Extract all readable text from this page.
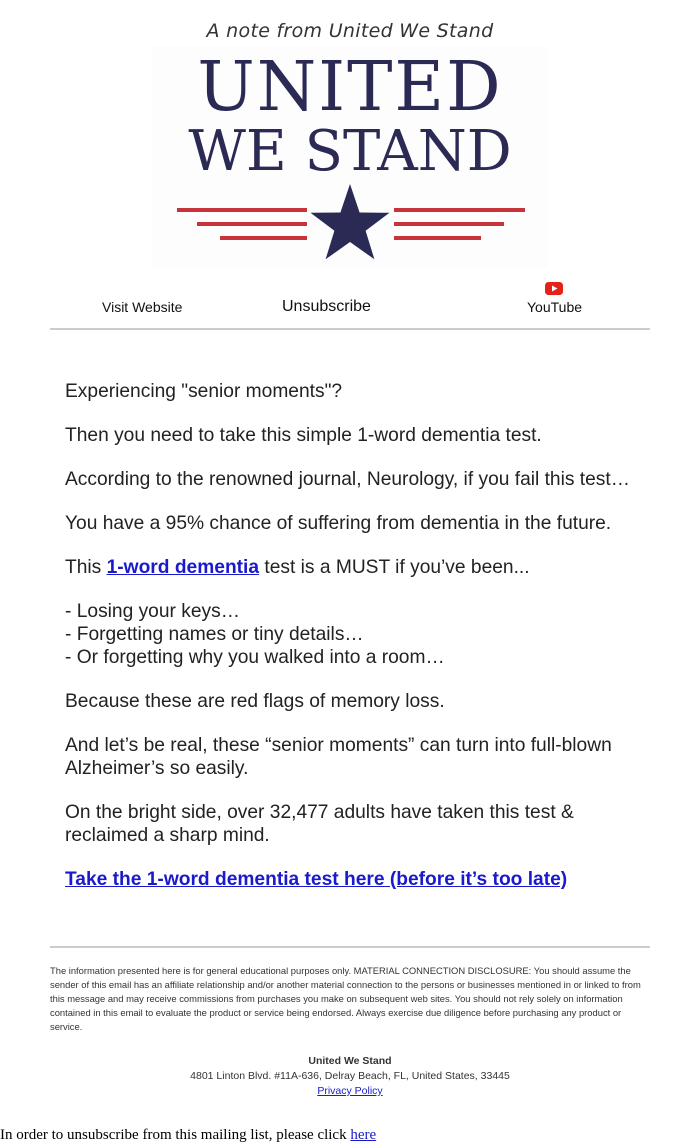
A note from United We Stand
UNITED
WE STAND
Visit Website	Unsubscribe	YouTube

Experiencing "senior moments"?

Then you need to take this simple 1-word dementia test.

According to the renowned journal, Neurology, if you fail this test…

You have a 95% chance of suffering from dementia in the future.

This 1-word dementia test is a MUST if you’ve been...

- Losing your keys…
- Forgetting names or tiny details…
- Or forgetting why you walked into a room…

Because these are red flags of memory loss.

And let’s be real, these “senior moments” can turn into full-blown Alzheimer’s so easily.

On the bright side, over 32,477 adults have taken this test & reclaimed a sharp mind.

Take the 1-word dementia test here (before it’s too late)

The information presented here is for general educational purposes only. MATERIAL CONNECTION DISCLOSURE: You should assume the sender of this email has an affiliate relationship and/or another material connection to the persons or businesses mentioned in or linked to from this message and may receive commissions from purchases you make on subsequent web sites. You should not rely solely on information contained in this email to evaluate the product or service being endorsed. Always exercise due diligence before purchasing any product or service.
United We Stand
4801 Linton Blvd. #11A-636, Delray Beach, FL, United States, 33445
Privacy Policy
In order to unsubscribe from this mailing list, please click here
